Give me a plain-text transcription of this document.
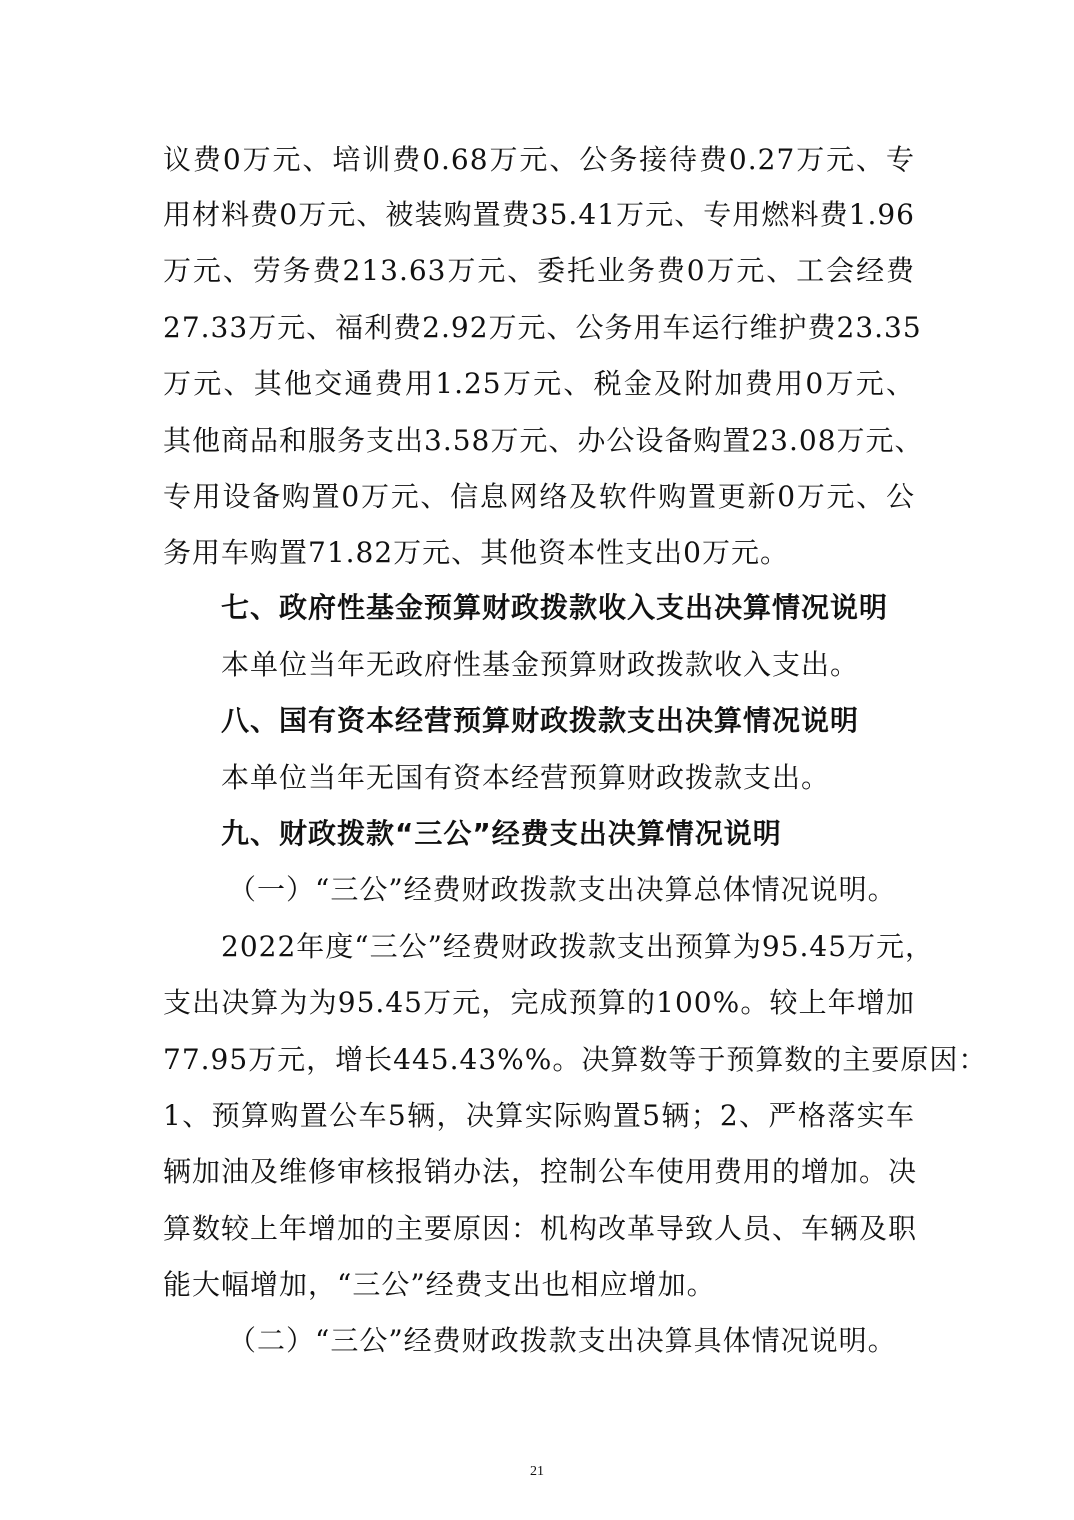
议费0万元、培训费0.68万元、公务接待费0.27万元、专
用材料费0万元、被装购置费35.41万元、专用燃料费1.96
万元、劳务费213.63万元、委托业务费0万元、工会经费
27.33万元、福利费2.92万元、公务用车运行维护费23.35
万元、其他交通费用1.25万元、税金及附加费用0万元、
其他商品和服务支出3.58万元、办公设备购置23.08万元、
专用设备购置0万元、信息网络及软件购置更新0万元、公
务用车购置71.82万元、其他资本性支出0万元。
七、政府性基金预算财政拨款收入支出决算情况说明
本单位当年无政府性基金预算财政拨款收入支出。
八、国有资本经营预算财政拨款支出决算情况说明
本单位当年无国有资本经营预算财政拨款支出。
九、财政拨款“三公”经费支出决算情况说明
（一）“三公”经费财政拨款支出决算总体情况说明。
2022年度“三公”经费财政拨款支出预算为95.45万元，
支出决算为为95.45万元，完成预算的100%。较上年增加
77.95万元，增长445.43%%。决算数等于预算数的主要原因：
1、预算购置公车5辆，决算实际购置5辆；2、严格落实车
辆加油及维修审核报销办法，控制公车使用费用的增加。决
算数较上年增加的主要原因：机构改革导致人员、车辆及职
能大幅增加，“三公”经费支出也相应增加。
（二）“三公”经费财政拨款支出决算具体情况说明。
21
